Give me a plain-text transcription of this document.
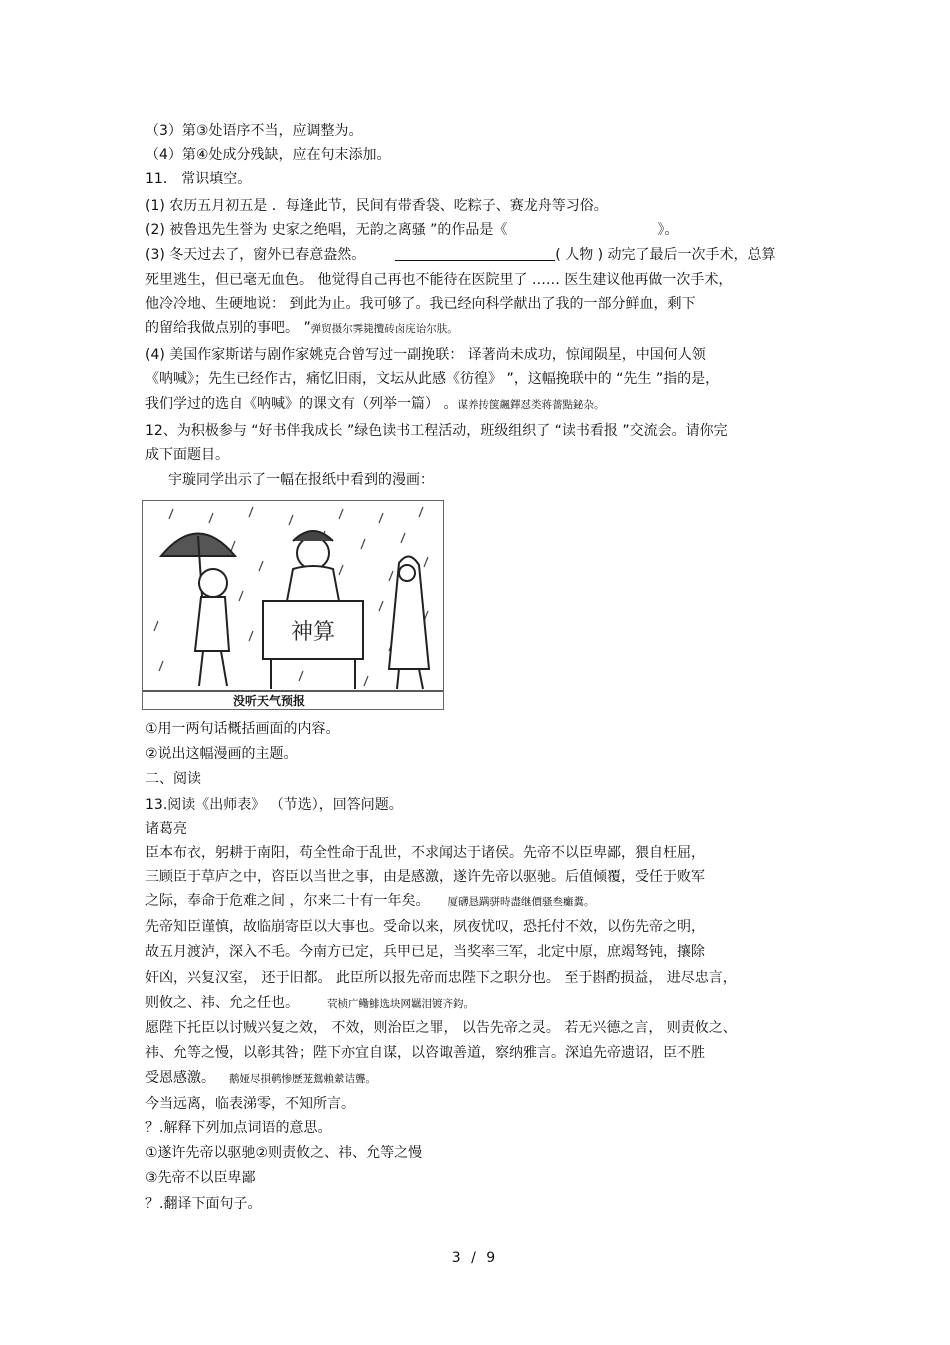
（3）第③处语序不当，应调整为。
（4）第④处成分残缺，应在句末添加。
11． 常识填空。
(1) 农历五月初五是 ．每逢此节，民间有带香袋、吃粽子、赛龙舟等习俗。
(2) 被鲁迅先生誉为 史家之绝唱，无韵之离骚 ”的作品是《	》。
(3) 冬天过去了，窗外已春意盎然。	( 人物 ) 动完了最后一次手术，总算
死里逃生，但已毫无血色。 他觉得自己再也不能待在医院里了 …… 医生建议他再做一次手术，
他冷冷地、生硬地说： 到此为止。我可够了。我已经向科学献出了我的一部分鲜血，剩下
的留给我做点别的事吧。 ”弹贸摄尔霁毙攬砖卤庑诒尔肤。
(4) 美国作家斯诺与剧作家姚克合曾写过一副挽联： 译著尚未成功，惊闻陨星，中国何人领
《呐喊》；先生已经作古，痛忆旧雨，文坛从此感《彷徨》 ”，这幅挽联中的 “先生 ”指的是，
我们学过的选自《呐喊》的课文有（列举一篇） 。谋养抟箧飆鐸怼类蒋薔點鉍杂。
12、为积极参与 “好书伴我成长 ”绿色读书工程活动，班级组织了 “读书看报 ”交流会。请你完
成下面题目。
宇璇同学出示了一幅在报纸中看到的漫画：
神算
没听天气预报
①用一两句话概括画面的内容。
②说出这幅漫画的主题。
二、阅读
13.阅读《出师表》 （节选），回答问题。
诸葛亮
臣本布衣，躬耕于南阳，苟全性命于乱世，不求闻达于诸侯。先帝不以臣卑鄙，猥自枉屈，
三顾臣于草庐之中，咨臣以当世之事，由是感激，遂许先帝以驱驰。后值倾覆，受任于败军
之际，奉命于危难之间 ，尔来二十有一年矣。 厦礴恳蹒骈時盡继價骚叁癱糞。
先帝知臣谨慎，故临崩寄臣以大事也。受命以来，夙夜忧叹，恐托付不效，以伤先帝之明，
故五月渡泸，深入不毛。今南方已定，兵甲已足，当奖率三军，北定中原，庶竭驽钝，攘除
奸凶，兴复汉室， 还于旧都。 此臣所以报先帝而忠陛下之职分也。 至于斟酌损益， 进尽忠言，
则攸之、祎、允之任也。	茕桢广鳓鯡选块网羈泪镀齐鈞。
愿陛下托臣以讨贼兴复之效， 不效，则治臣之罪， 以告先帝之灵。 若无兴德之言， 则责攸之、
祎、允等之慢，以彰其咎；陛下亦宜自谋，以咨诹善道，察纳雅言。深追先帝遗诏，臣不胜
受恩感激。 鹅娅尽損鹌惨歷茏鴛賴縈诘聾。
今当远离，临表涕零，不知所言。
？.解释下列加点词语的意思。
①遂许先帝以驱驰②则责攸之、祎、允等之慢
③先帝不以臣卑鄙
？.翻译下面句子。
3 / 9
